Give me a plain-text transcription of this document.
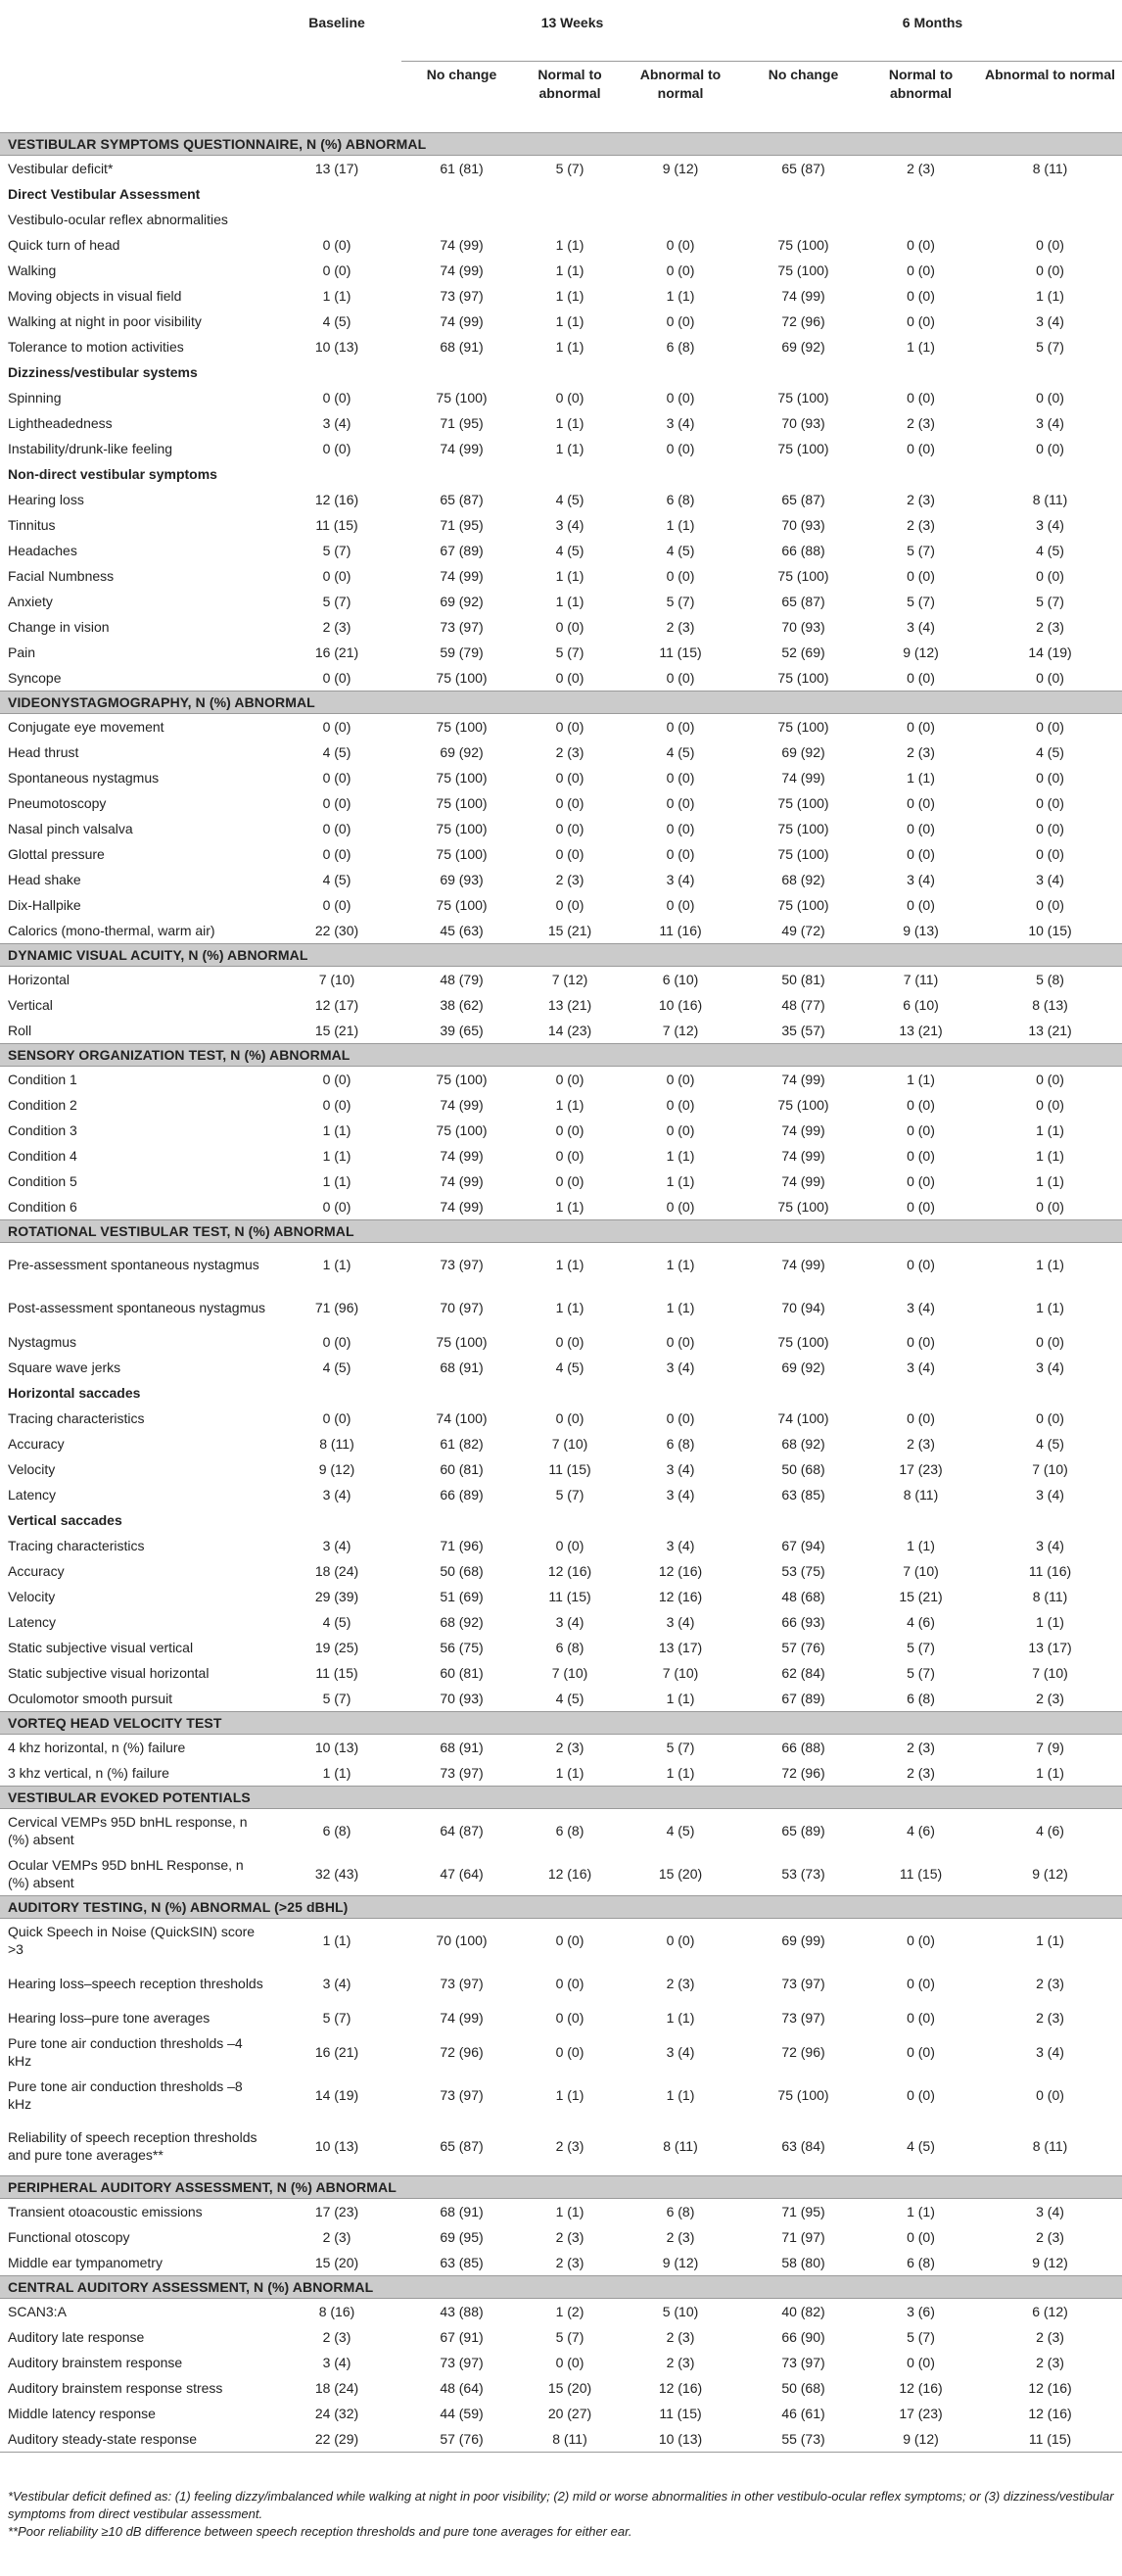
	Baseline	13 Weeks			6 Months		
		No change	Normal to abnormal	Abnormal to normal	No change	Normal to abnormal	Abnormal to normal
VESTIBULAR SYMPTOMS QUESTIONNAIRE, N (%) ABNORMAL							
Vestibular deficit*	13 (17)	61 (81)	5 (7)	9 (12)	65 (87)	2 (3)	8 (11)
Direct Vestibular Assessment							
Vestibulo-ocular reflex abnormalities							
Quick turn of head	0 (0)	74 (99)	1 (1)	0 (0)	75 (100)	0 (0)	0 (0)
Walking	0 (0)	74 (99)	1 (1)	0 (0)	75 (100)	0 (0)	0 (0)
Moving objects in visual field	1 (1)	73 (97)	1 (1)	1 (1)	74 (99)	0 (0)	1 (1)
Walking at night in poor visibility	4 (5)	74 (99)	1 (1)	0 (0)	72 (96)	0 (0)	3 (4)
Tolerance to motion activities	10 (13)	68 (91)	1 (1)	6 (8)	69 (92)	1 (1)	5 (7)
Dizziness/vestibular systems							
Spinning	0 (0)	75 (100)	0 (0)	0 (0)	75 (100)	0 (0)	0 (0)
Lightheadedness	3 (4)	71 (95)	1 (1)	3 (4)	70 (93)	2 (3)	3 (4)
Instability/drunk-like feeling	0 (0)	74 (99)	1 (1)	0 (0)	75 (100)	0 (0)	0 (0)
Non-direct vestibular symptoms							
Hearing loss	12 (16)	65 (87)	4 (5)	6 (8)	65 (87)	2 (3)	8 (11)
Tinnitus	11 (15)	71 (95)	3 (4)	1 (1)	70 (93)	2 (3)	3 (4)
Headaches	5 (7)	67 (89)	4 (5)	4 (5)	66 (88)	5 (7)	4 (5)
Facial Numbness	0 (0)	74 (99)	1 (1)	0 (0)	75 (100)	0 (0)	0 (0)
Anxiety	5 (7)	69 (92)	1 (1)	5 (7)	65 (87)	5 (7)	5 (7)
Change in vision	2 (3)	73 (97)	0 (0)	2 (3)	70 (93)	3 (4)	2 (3)
Pain	16 (21)	59 (79)	5 (7)	11 (15)	52 (69)	9 (12)	14 (19)
Syncope	0 (0)	75 (100)	0 (0)	0 (0)	75 (100)	0 (0)	0 (0)
VIDEONYSTAGMOGRAPHY, N (%) ABNORMAL							
Conjugate eye movement	0 (0)	75 (100)	0 (0)	0 (0)	75 (100)	0 (0)	0 (0)
Head thrust	4 (5)	69 (92)	2 (3)	4 (5)	69 (92)	2 (3)	4 (5)
Spontaneous nystagmus	0 (0)	75 (100)	0 (0)	0 (0)	74 (99)	1 (1)	0 (0)
Pneumotoscopy	0 (0)	75 (100)	0 (0)	0 (0)	75 (100)	0 (0)	0 (0)
Nasal pinch valsalva	0 (0)	75 (100)	0 (0)	0 (0)	75 (100)	0 (0)	0 (0)
Glottal pressure	0 (0)	75 (100)	0 (0)	0 (0)	75 (100)	0 (0)	0 (0)
Head shake	4 (5)	69 (93)	2 (3)	3 (4)	68 (92)	3 (4)	3 (4)
Dix-Hallpike	0 (0)	75 (100)	0 (0)	0 (0)	75 (100)	0 (0)	0 (0)
Calorics (mono-thermal, warm air)	22 (30)	45 (63)	15 (21)	11 (16)	49 (72)	9 (13)	10 (15)
DYNAMIC VISUAL ACUITY, N (%) ABNORMAL							
Horizontal	7 (10)	48 (79)	7 (12)	6 (10)	50 (81)	7 (11)	5 (8)
Vertical	12 (17)	38 (62)	13 (21)	10 (16)	48 (77)	6 (10)	8 (13)
Roll	15 (21)	39 (65)	14 (23)	7 (12)	35 (57)	13 (21)	13 (21)
SENSORY ORGANIZATION TEST, N (%) ABNORMAL							
Condition 1	0 (0)	75 (100)	0 (0)	0 (0)	74 (99)	1 (1)	0 (0)
Condition 2	0 (0)	74 (99)	1 (1)	0 (0)	75 (100)	0 (0)	0 (0)
Condition 3	1 (1)	75 (100)	0 (0)	0 (0)	74 (99)	0 (0)	1 (1)
Condition 4	1 (1)	74 (99)	0 (0)	1 (1)	74 (99)	0 (0)	1 (1)
Condition 5	1 (1)	74 (99)	0 (0)	1 (1)	74 (99)	0 (0)	1 (1)
Condition 6	0 (0)	74 (99)	1 (1)	0 (0)	75 (100)	0 (0)	0 (0)
ROTATIONAL VESTIBULAR TEST, N (%) ABNORMAL							
Pre-assessment spontaneous nystagmus	1 (1)	73 (97)	1 (1)	1 (1)	74 (99)	0 (0)	1 (1)
Post-assessment spontaneous nystagmus	71 (96)	70 (97)	1 (1)	1 (1)	70 (94)	3 (4)	1 (1)
Nystagmus	0 (0)	75 (100)	0 (0)	0 (0)	75 (100)	0 (0)	0 (0)
Square wave jerks	4 (5)	68 (91)	4 (5)	3 (4)	69 (92)	3 (4)	3 (4)
Horizontal saccades							
Tracing characteristics	0 (0)	74 (100)	0 (0)	0 (0)	74 (100)	0 (0)	0 (0)
Accuracy	8 (11)	61 (82)	7 (10)	6 (8)	68 (92)	2 (3)	4 (5)
Velocity	9 (12)	60 (81)	11 (15)	3 (4)	50 (68)	17 (23)	7 (10)
Latency	3 (4)	66 (89)	5 (7)	3 (4)	63 (85)	8 (11)	3 (4)
Vertical saccades							
Tracing characteristics	3 (4)	71 (96)	0 (0)	3 (4)	67 (94)	1 (1)	3 (4)
Accuracy	18 (24)	50 (68)	12 (16)	12 (16)	53 (75)	7 (10)	11 (16)
Velocity	29 (39)	51 (69)	11 (15)	12 (16)	48 (68)	15 (21)	8 (11)
Latency	4 (5)	68 (92)	3 (4)	3 (4)	66 (93)	4 (6)	1 (1)
Static subjective visual vertical	19 (25)	56 (75)	6 (8)	13 (17)	57 (76)	5 (7)	13 (17)
Static subjective visual horizontal	11 (15)	60 (81)	7 (10)	7 (10)	62 (84)	5 (7)	7 (10)
Oculomotor smooth pursuit	5 (7)	70 (93)	4 (5)	1 (1)	67 (89)	6 (8)	2 (3)
VORTEQ HEAD VELOCITY TEST							
4 khz horizontal, n (%) failure	10 (13)	68 (91)	2 (3)	5 (7)	66 (88)	2 (3)	7 (9)
3 khz vertical, n (%) failure	1 (1)	73 (97)	1 (1)	1 (1)	72 (96)	2 (3)	1 (1)
VESTIBULAR EVOKED POTENTIALS							
Cervical VEMPs 95D bnHL response, n (%) absent	6 (8)	64 (87)	6 (8)	4 (5)	65 (89)	4 (6)	4 (6)
Ocular VEMPs 95D bnHL Response, n (%) absent	32 (43)	47 (64)	12 (16)	15 (20)	53 (73)	11 (15)	9 (12)
AUDITORY TESTING, N (%) ABNORMAL (>25 dBHL)							
Quick Speech in Noise (QuickSIN) score >3	1 (1)	70 (100)	0 (0)	0 (0)	69 (99)	0 (0)	1 (1)
Hearing loss–speech reception thresholds	3 (4)	73 (97)	0 (0)	2 (3)	73 (97)	0 (0)	2 (3)
Hearing loss–pure tone averages	5 (7)	74 (99)	0 (0)	1 (1)	73 (97)	0 (0)	2 (3)
Pure tone air conduction thresholds –4 kHz	16 (21)	72 (96)	0 (0)	3 (4)	72 (96)	0 (0)	3 (4)
Pure tone air conduction thresholds –8 kHz	14 (19)	73 (97)	1 (1)	1 (1)	75 (100)	0 (0)	0 (0)
Reliability of speech reception thresholds and pure tone averages**	10 (13)	65 (87)	2 (3)	8 (11)	63 (84)	4 (5)	8 (11)
PERIPHERAL AUDITORY ASSESSMENT, N (%) ABNORMAL							
Transient otoacoustic emissions	17 (23)	68 (91)	1 (1)	6 (8)	71 (95)	1 (1)	3 (4)
Functional otoscopy	2 (3)	69 (95)	2 (3)	2 (3)	71 (97)	0 (0)	2 (3)
Middle ear tympanometry	15 (20)	63 (85)	2 (3)	9 (12)	58 (80)	6 (8)	9 (12)
CENTRAL AUDITORY ASSESSMENT, N (%) ABNORMAL							
SCAN3:A	8 (16)	43 (88)	1 (2)	5 (10)	40 (82)	3 (6)	6 (12)
Auditory late response	2 (3)	67 (91)	5 (7)	2 (3)	66 (90)	5 (7)	2 (3)
Auditory brainstem response	3 (4)	73 (97)	0 (0)	2 (3)	73 (97)	0 (0)	2 (3)
Auditory brainstem response stress	18 (24)	48 (64)	15 (20)	12 (16)	50 (68)	12 (16)	12 (16)
Middle latency response	24 (32)	44 (59)	20 (27)	11 (15)	46 (61)	17 (23)	12 (16)
Auditory steady-state response	22 (29)	57 (76)	8 (11)	10 (13)	55 (73)	9 (12)	11 (15)

*Vestibular deficit defined as: (1) feeling dizzy/imbalanced while walking at night in poor visibility; (2) mild or worse abnormalities in other vestibulo-ocular reflex symptoms; or (3) dizziness/vestibular symptoms from direct vestibular assessment.

**Poor reliability ≥10 dB difference between speech reception thresholds and pure tone averages for either ear.
